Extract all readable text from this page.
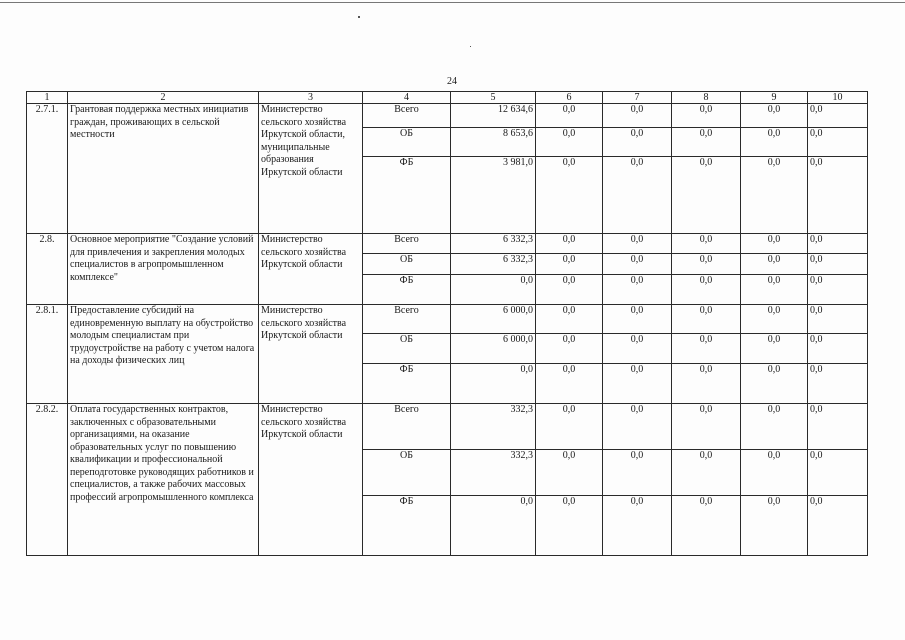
24
1	2	3	4	5	6	7	8	9	10
2.7.1.	Грантовая поддержка местных инициатив граждан, проживающих в сельской местности	Министерство сельского хозяйства Иркутской области, муниципальные образования Иркутской области	Всего	12 634,6	0,0	0,0	0,0	0,0	0,0
			ОБ	8 653,6	0,0	0,0	0,0	0,0	0,0
			ФБ	3 981,0	0,0	0,0	0,0	0,0	0,0
2.8.	Основное мероприятие "Создание условий для привлечения и закрепления молодых специалистов в агропромышленном комплексе"	Министерство сельского хозяйства Иркутской области	Всего	6 332,3	0,0	0,0	0,0	0,0	0,0
			ОБ	6 332,3	0,0	0,0	0,0	0,0	0,0
			ФБ	0,0	0,0	0,0	0,0	0,0	0,0
2.8.1.	Предоставление субсидий на единовременную выплату на обустройство молодым специалистам при трудоустройстве на работу с учетом налога на доходы физических лиц	Министерство сельского хозяйства Иркутской области	Всего	6 000,0	0,0	0,0	0,0	0,0	0,0
			ОБ	6 000,0	0,0	0,0	0,0	0,0	0,0
			ФБ	0,0	0,0	0,0	0,0	0,0	0,0
2.8.2.	Оплата государственных контрактов, заключенных с образовательными организациями, на оказание образовательных услуг по повышению квалификации и профессиональной переподготовке руководящих работников и специалистов, а также рабочих массовых профессий агропромышленного комплекса	Министерство сельского хозяйства Иркутской области	Всего	332,3	0,0	0,0	0,0	0,0	0,0
			ОБ	332,3	0,0	0,0	0,0	0,0	0,0
			ФБ	0,0	0,0	0,0	0,0	0,0	0,0
